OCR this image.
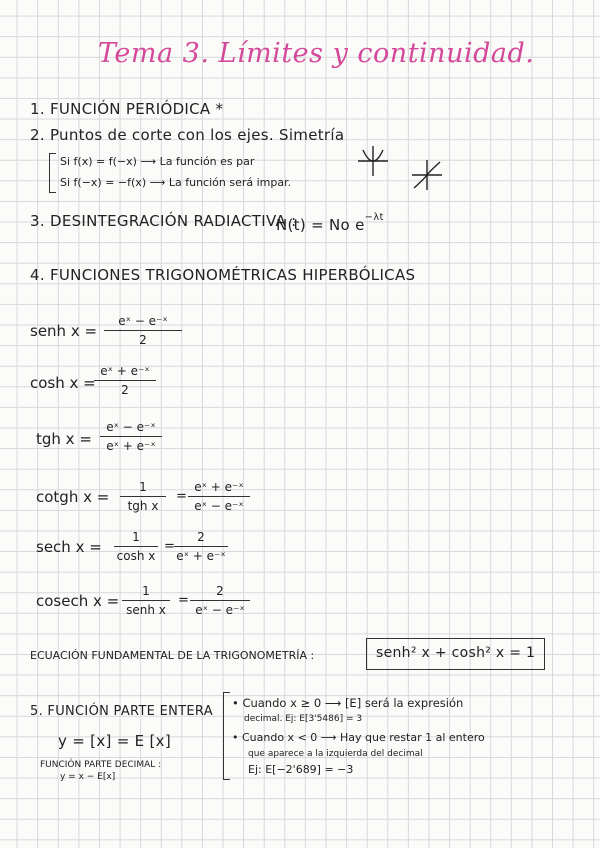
Tema 3. Límites y continuidad.
1. FUNCIÓN PERIÓDICA *
2. Puntos de corte con los ejes. Simetría
Si f(x) = f(−x) ⟶ La función es par
Si f(−x) = −f(x) ⟶ La función será impar.
3. DESINTEGRACIÓN RADIACTIVA :
N(t) = No $e^{-\lambda t}$
4. FUNCIONES TRIGONOMÉTRICAS HIPERBÓLICAS
senh x =
eˣ − e⁻ˣ
2
cosh x =
eˣ + e⁻ˣ
2
tgh x =
eˣ − e⁻ˣ
eˣ + e⁻ˣ
cotgh x =
1
tgh x
=
eˣ + e⁻ˣ
eˣ − e⁻ˣ
sech x =
1
cosh x
=
2
eˣ + e⁻ˣ
cosech x =
1
senh x
=
2
eˣ − e⁻ˣ
ECUACIÓN FUNDAMENTAL DE LA TRIGONOMETRÍA :	senh² x + cosh² x = 1
5. FUNCIÓN PARTE ENTERA
y = [x] = E [x]
FUNCIÓN PARTE DECIMAL :
y = x − E[x]
• Cuando x ≥ 0 ⟶ [E] será la expresión
decimal. Ej: E[3'5486] = 3
• Cuando x < 0 ⟶ Hay que restar 1 al entero
que aparece a la izquierda del decimal
Ej: E[−2'689] = −3
